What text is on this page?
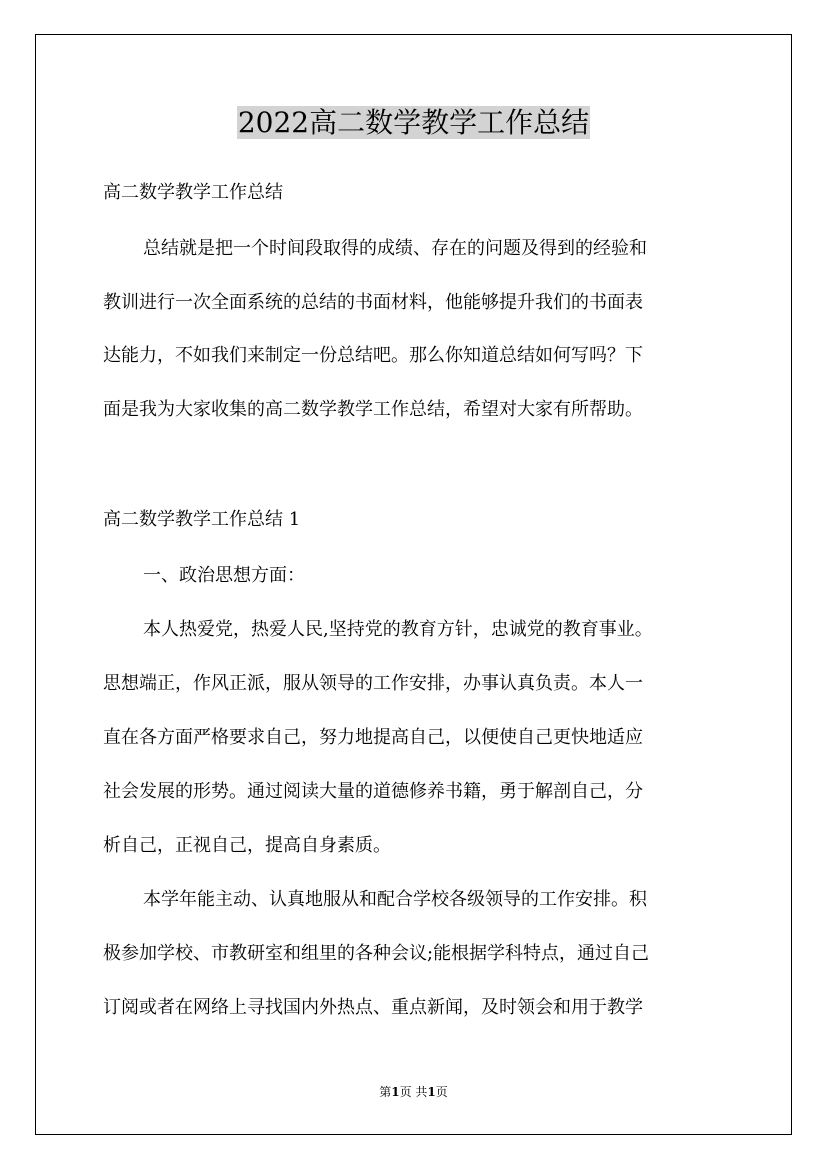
2022高二数学教学工作总结
高二数学教学工作总结
总结就是把一个时间段取得的成绩、存在的问题及得到的经验和
教训进行一次全面系统的总结的书面材料，他能够提升我们的书面表
达能力，不如我们来制定一份总结吧。那么你知道总结如何写吗？下
面是我为大家收集的高二数学教学工作总结，希望对大家有所帮助。
高二数学教学工作总结 1
一、政治思想方面：
本人热爱党，热爱人民,坚持党的教育方针，忠诚党的教育事业。
思想端正，作风正派，服从领导的工作安排，办事认真负责。本人一
直在各方面严格要求自己，努力地提高自己，以便使自己更快地适应
社会发展的形势。通过阅读大量的道德修养书籍，勇于解剖自己，分
析自己，正视自己，提高自身素质。
本学年能主动、认真地服从和配合学校各级领导的工作安排。积
极参加学校、市教研室和组里的各种会议;能根据学科特点，通过自己
订阅或者在网络上寻找国内外热点、重点新闻，及时领会和用于教学
第1页 共1页
